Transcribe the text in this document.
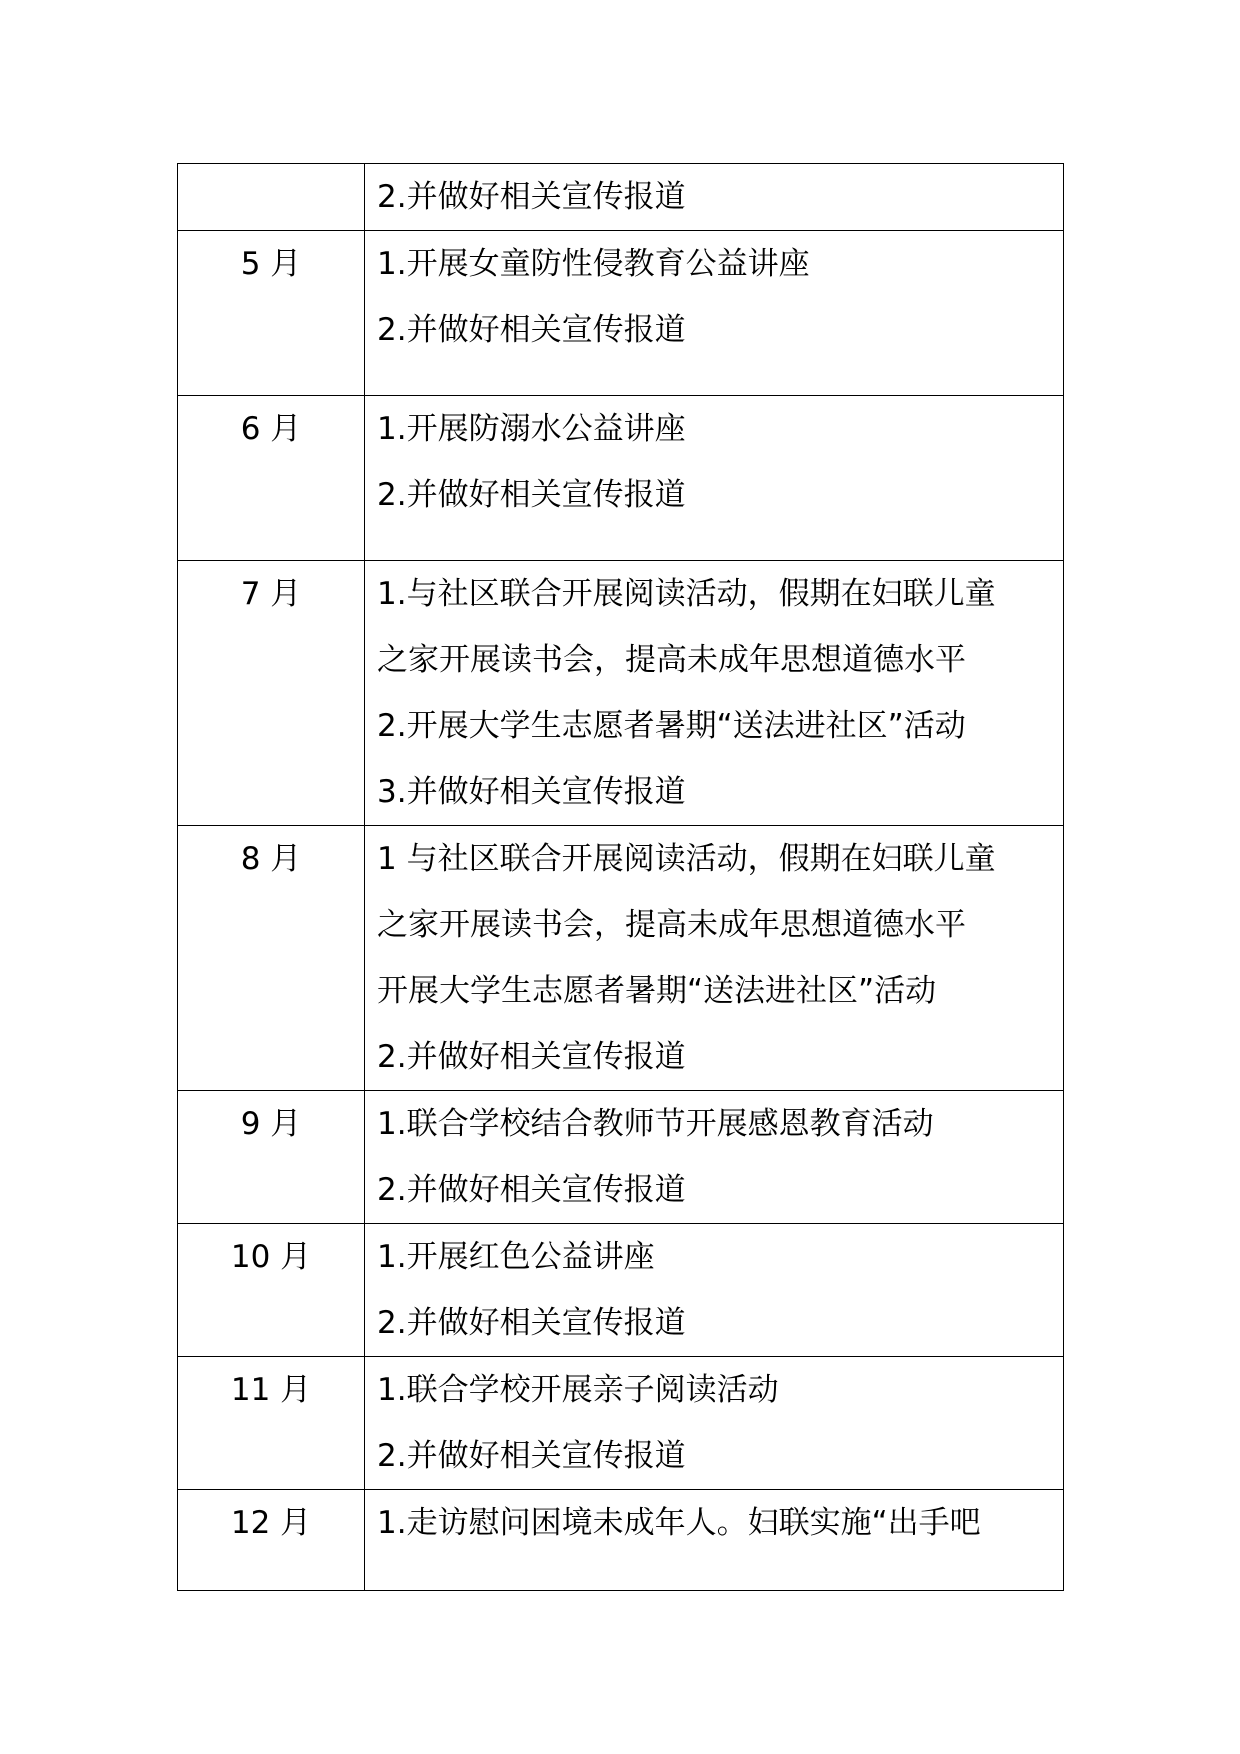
	2.并做好相关宣传报道

5 月	1.开展女童防性侵教育公益讲座
2.并做好相关宣传报道

6 月	1.开展防溺水公益讲座
2.并做好相关宣传报道

7 月	1.与社区联合开展阅读活动，假期在妇联儿童
之家开展读书会，提高未成年思想道德水平
2.开展大学生志愿者暑期“送法进社区”活动
3.并做好相关宣传报道

8 月	1 与社区联合开展阅读活动，假期在妇联儿童
之家开展读书会，提高未成年思想道德水平
开展大学生志愿者暑期“送法进社区”活动
2.并做好相关宣传报道

9 月	1.联合学校结合教师节开展感恩教育活动
2.并做好相关宣传报道

10 月	1.开展红色公益讲座
2.并做好相关宣传报道

11 月	1.联合学校开展亲子阅读活动
2.并做好相关宣传报道

12 月	1.走访慰问困境未成年人。妇联实施“出手吧
